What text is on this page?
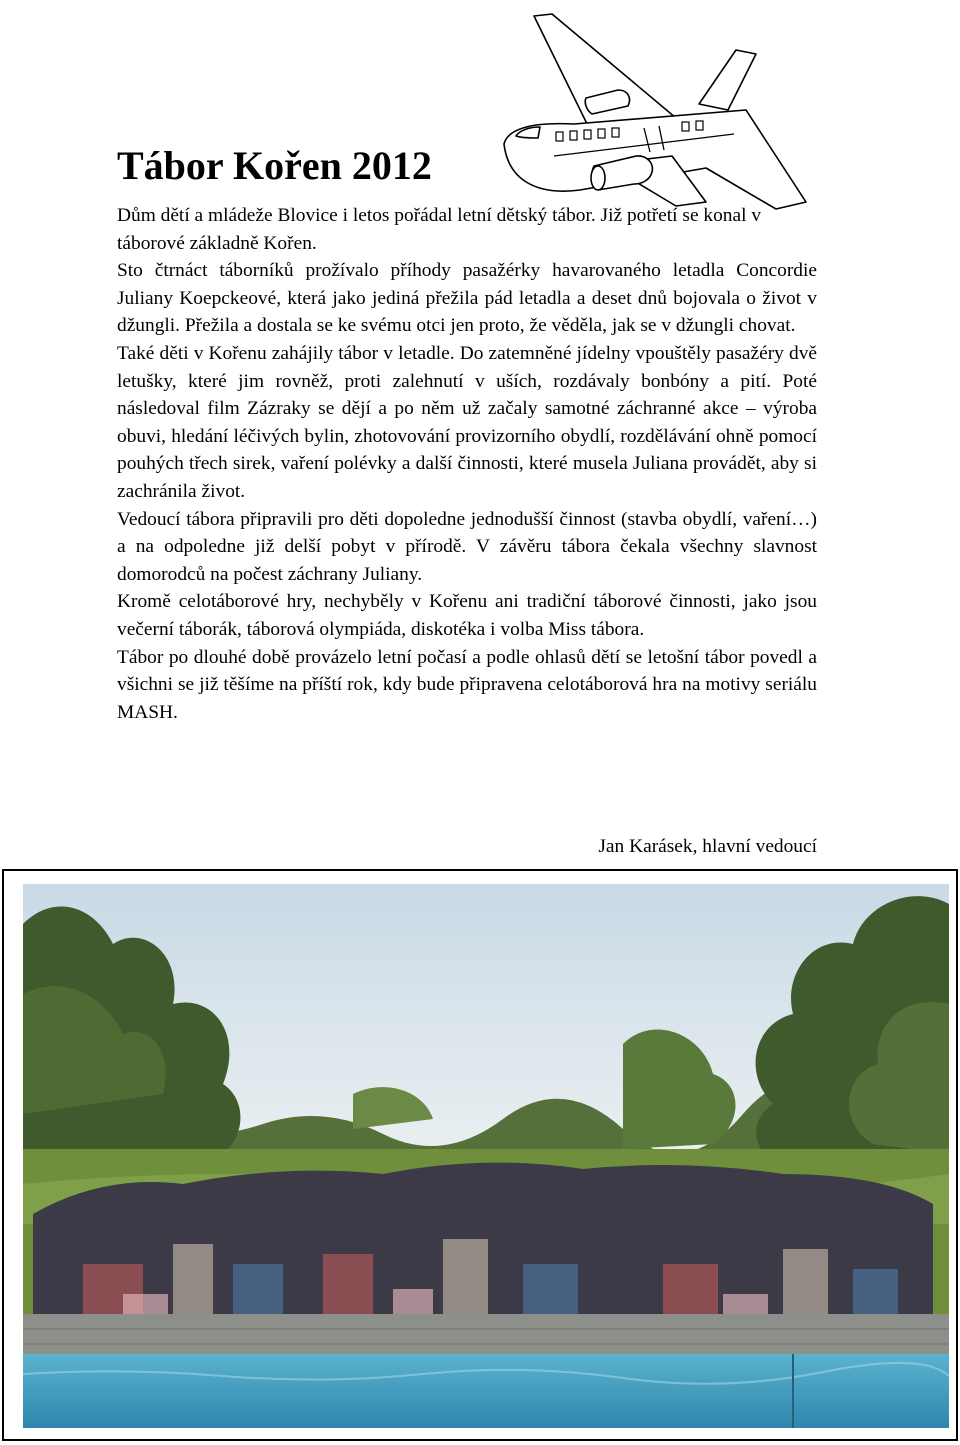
Tábor Kořen 2012

Dům dětí a mládeže Blovice i letos pořádal letní dětský tábor. Již potřetí se konal v táborové základně Kořen.

Sto čtrnáct táborníků prožívalo příhody pasažérky havarovaného letadla Concordie Juliany Koepckeové, která jako jediná přežila pád letadla a deset dnů bojovala o život v džungli. Přežila a dostala se ke svému otci jen proto, že věděla, jak se v džungli chovat.

Také děti v Kořenu zahájily tábor v letadle. Do zatemněné jídelny vpouštěly pasažéry dvě letušky, které jim rovněž, proti zalehnutí v uších, rozdávaly bonbóny a pití. Poté následoval film Zázraky se dějí a po něm už začaly samotné záchranné akce – výroba obuvi, hledání léčivých bylin, zhotovování provizorního obydlí, rozdělávání ohně pomocí pouhých třech sirek, vaření polévky a další činnosti, které musela Juliana provádět, aby si zachránila život.

Vedoucí tábora připravili pro děti dopoledne jednodušší činnost (stavba obydlí, vaření…) a na odpoledne již delší pobyt v přírodě. V závěru tábora čekala všechny slavnost domorodců na počest záchrany Juliany.

Kromě celotáborové hry, nechyběly v Kořenu ani tradiční táborové činnosti, jako jsou večerní táborák, táborová olympiáda, diskotéka i volba Miss tábora.

Tábor po dlouhé době provázelo letní počasí a podle ohlasů dětí se letošní tábor povedl a všichni se již těšíme na příští rok, kdy bude připravena celotáborová hra na motivy seriálu MASH.

Jan Karásek, hlavní vedoucí
